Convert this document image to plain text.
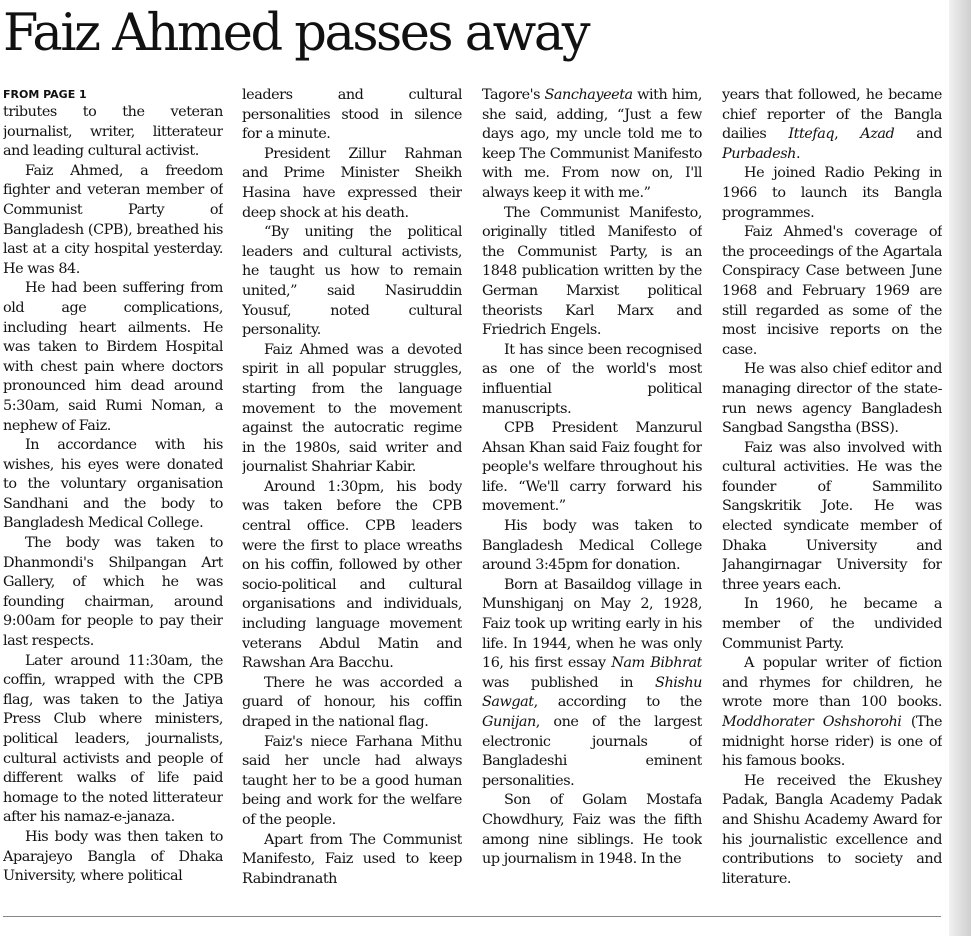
Faiz Ahmed passes away
FROM PAGE 1

tributes to the veteran journalist, writer, litterateur and leading cultural activist.

Faiz Ahmed, a freedom fighter and veteran member of Communist Party of Bangladesh (CPB), breathed his last at a city hospital yesterday. He was 84.

He had been suffering from old age complications, including heart ailments. He was taken to Birdem Hospital with chest pain where doctors pronounced him dead around 5:30am, said Rumi Noman, a nephew of Faiz.

In accordance with his wishes, his eyes were donated to the voluntary organisation Sandhani and the body to Bangladesh Medical College.

The body was taken to Dhanmondi's Shilpangan Art Gallery, of which he was founding chairman, around 9:00am for people to pay their last respects.

Later around 11:30am, the coffin, wrapped with the CPB flag, was taken to the Jatiya Press Club where ministers, political leaders, journalists, cultural activists and people of different walks of life paid homage to the noted litterateur after his namaz-e-janaza.

His body was then taken to Aparajeyo Bangla of Dhaka University, where political

leaders and cultural personalities stood in silence for a minute.

President Zillur Rahman and Prime Minister Sheikh Hasina have expressed their deep shock at his death.

“By uniting the political leaders and cultural activists, he taught us how to remain united,” said Nasiruddin Yousuf, noted cultural personality.

Faiz Ahmed was a devoted spirit in all popular struggles, starting from the language movement to the movement against the autocratic regime in the 1980s, said writer and journalist Shahriar Kabir.

Around 1:30pm, his body was taken before the CPB central office. CPB leaders were the first to place wreaths on his coffin, followed by other socio-political and cultural organisations and individuals, including language movement veterans Abdul Matin and Rawshan Ara Bacchu.

There he was accorded a guard of honour, his coffin draped in the national flag.

Faiz's niece Farhana Mithu said her uncle had always taught her to be a good human being and work for the welfare of the people.

Apart from The Communist Manifesto, Faiz used to keep Rabindranath

Tagore's Sanchayeeta with him, she said, adding, “Just a few days ago, my uncle told me to keep The Communist Manifesto with me. From now on, I'll always keep it with me.”

The Communist Manifesto, originally titled Manifesto of the Communist Party, is an 1848 publication written by the German Marxist political theorists Karl Marx and Friedrich Engels.

It has since been recognised as one of the world's most influential political manuscripts.

CPB President Manzurul Ahsan Khan said Faiz fought for people's welfare throughout his life. “We'll carry forward his movement.”

His body was taken to Bangladesh Medical College around 3:45pm for donation.

Born at Basaildog village in Munshiganj on May 2, 1928, Faiz took up writing early in his life. In 1944, when he was only 16, his first essay Nam Bibhrat was published in Shishu Sawgat, according to the Gunijan, one of the largest electronic journals of Bangladeshi eminent personalities.

Son of Golam Mostafa Chowdhury, Faiz was the fifth among nine siblings. He took up journalism in 1948. In the

years that followed, he became chief reporter of the Bangla dailies Ittefaq, Azad and Purbadesh.

He joined Radio Peking in 1966 to launch its Bangla programmes.

Faiz Ahmed's coverage of the proceedings of the Agartala Conspiracy Case between June 1968 and February 1969 are still regarded as some of the most incisive reports on the case.

He was also chief editor and managing director of the state-run news agency Bangladesh Sangbad Sangstha (BSS).

Faiz was also involved with cultural activities. He was the founder of Sammilito Sangskritik Jote. He was elected syndicate member of Dhaka University and Jahangirnagar University for three years each.

In 1960, he became a member of the undivided Communist Party.

A popular writer of fiction and rhymes for children, he wrote more than 100 books. Moddhorater Oshshorohi (The midnight horse rider) is one of his famous books.

He received the Ekushey Padak, Bangla Academy Padak and Shishu Academy Award for his journalistic excellence and contributions to society and literature.
